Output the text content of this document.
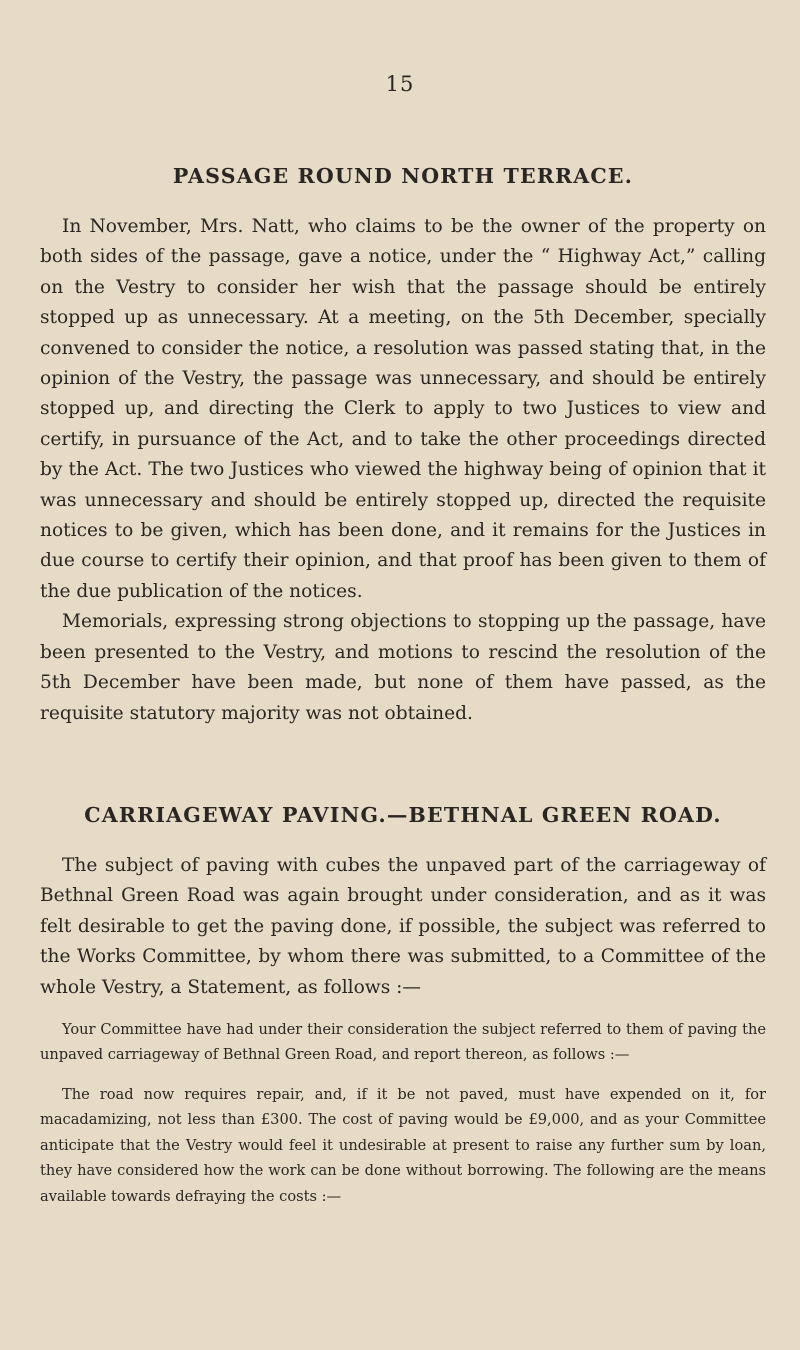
15
PASSAGE ROUND NORTH TERRACE.

In November, Mrs. Natt, who claims to be the owner of the property on both sides of the passage, gave a notice, under the “ Highway Act,” calling on the Vestry to consider her wish that the passage should be entirely stopped up as unnecessary. At a meeting, on the 5th December, specially convened to consider the notice, a resolution was passed stating that, in the opinion of the Vestry, the passage was unnecessary, and should be entirely stopped up, and directing the Clerk to apply to two Justices to view and certify, in pursuance of the Act, and to take the other proceedings directed by the Act. The two Justices who viewed the highway being of opinion that it was unnecessary and should be entirely stopped up, directed the requisite notices to be given, which has been done, and it remains for the Justices in due course to certify their opinion, and that proof has been given to them of the due publication of the notices.

Memorials, expressing strong objections to stopping up the passage, have been presented to the Vestry, and motions to rescind the resolution of the 5th December have been made, but none of them have passed, as the requisite statutory majority was not obtained.

CARRIAGEWAY PAVING.—BETHNAL GREEN ROAD.

The subject of paving with cubes the unpaved part of the carriageway of Bethnal Green Road was again brought under consideration, and as it was felt desirable to get the paving done, if possible, the subject was referred to the Works Committee, by whom there was submitted, to a Committee of the whole Vestry, a Statement, as follows :—

Your Committee have had under their consideration the subject referred to them of paving the unpaved carriageway of Bethnal Green Road, and report thereon, as follows :—

The road now requires repair, and, if it be not paved, must have expended on it, for macadamizing, not less than £300. The cost of paving would be £9,000, and as your Committee anticipate that the Vestry would feel it undesirable at present to raise any further sum by loan, they have considered how the work can be done without borrowing. The following are the means available towards defraying the costs :—
